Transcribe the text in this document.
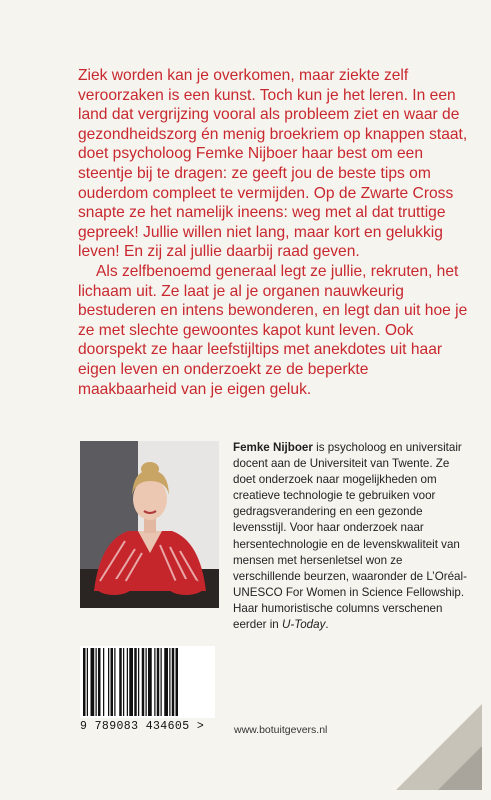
Ziek worden kan je overkomen, maar ziekte zelf veroorzaken is een kunst. Toch kun je het leren. In een land dat vergrijzing vooral als probleem ziet en waar de gezondheidszorg én menig broekriem op knappen staat, doet psycholoog Femke Nijboer haar best om een steentje bij te dragen: ze geeft jou de beste tips om ouderdom compleet te vermijden. Op de Zwarte Cross snapte ze het namelijk ineens: weg met al dat truttige gepreek! Jullie willen niet lang, maar kort en gelukkig leven! En zij zal jullie daarbij raad geven.

Als zelfbenoemd generaal legt ze jullie, rekruten, het lichaam uit. Ze laat je al je organen nauwkeurig bestuderen en intens bewonderen, en legt dan uit hoe je ze met slechte gewoontes kapot kunt leven. Ook doorspekt ze haar leefstijltips met anekdotes uit haar eigen leven en onderzoekt ze de beperkte maakbaarheid van je eigen geluk.

Femke Nijboer is psycholoog en universitair docent aan de Universiteit van Twente. Ze doet onderzoek naar mogelijkheden om creatieve technologie te gebruiken voor gedragsverandering en een gezonde levensstijl. Voor haar onderzoek naar hersentechnologie en de levenskwaliteit van mensen met hersenletsel won ze verschillende beurzen, waaronder de L’Oréal-UNESCO For Women in Science Fellowship. Haar humoristische columns verschenen eerder in U-Today.
9 789083 434605 >	www.botuitgevers.nl
